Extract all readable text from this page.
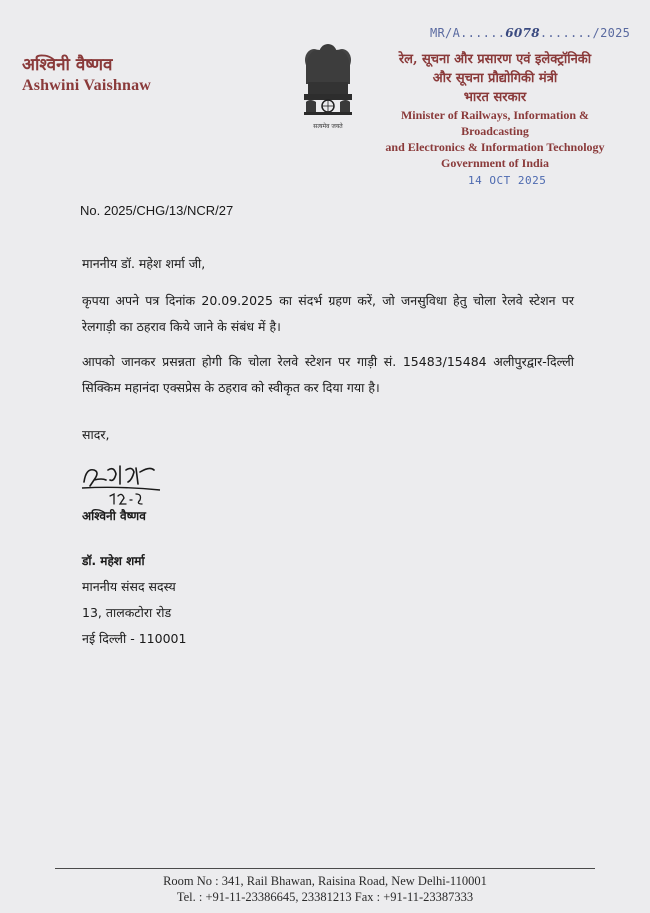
अश्विनी वैष्णव
Ashwini Vaishnaw
सत्यमेव जयते
रेल, सूचना और प्रसारण एवं इलेक्ट्रॉनिकी
और सूचना प्रौद्योगिकी मंत्री
भारत सरकार
Minister of Railways, Information & Broadcasting
and Electronics & Information Technology
Government of India
MR/A......6078......./2025
14 OCT 2025
No. 2025/CHG/13/NCR/27
माननीय डॉ. महेश शर्मा जी,
कृपया अपने पत्र दिनांक 20.09.2025 का संदर्भ ग्रहण करें, जो जनसुविधा हेतु चोला रेलवे स्टेशन पर रेलगाड़ी का ठहराव किये जाने के संबंध में है।
आपको जानकर प्रसन्नता होगी कि चोला रेलवे स्टेशन पर गाड़ी सं. 15483/15484 अलीपुरद्वार-दिल्ली सिक्किम महानंदा एक्सप्रेस के ठहराव को स्वीकृत कर दिया गया है।
सादर,
अश्विनी वैष्णव
डॉ. महेश शर्मा
माननीय संसद सदस्य
13, तालकटोरा रोड
नई दिल्ली - 110001
Room No : 341, Rail Bhawan, Raisina Road, New Delhi-110001
Tel. : +91-11-23386645, 23381213 Fax : +91-11-23387333
